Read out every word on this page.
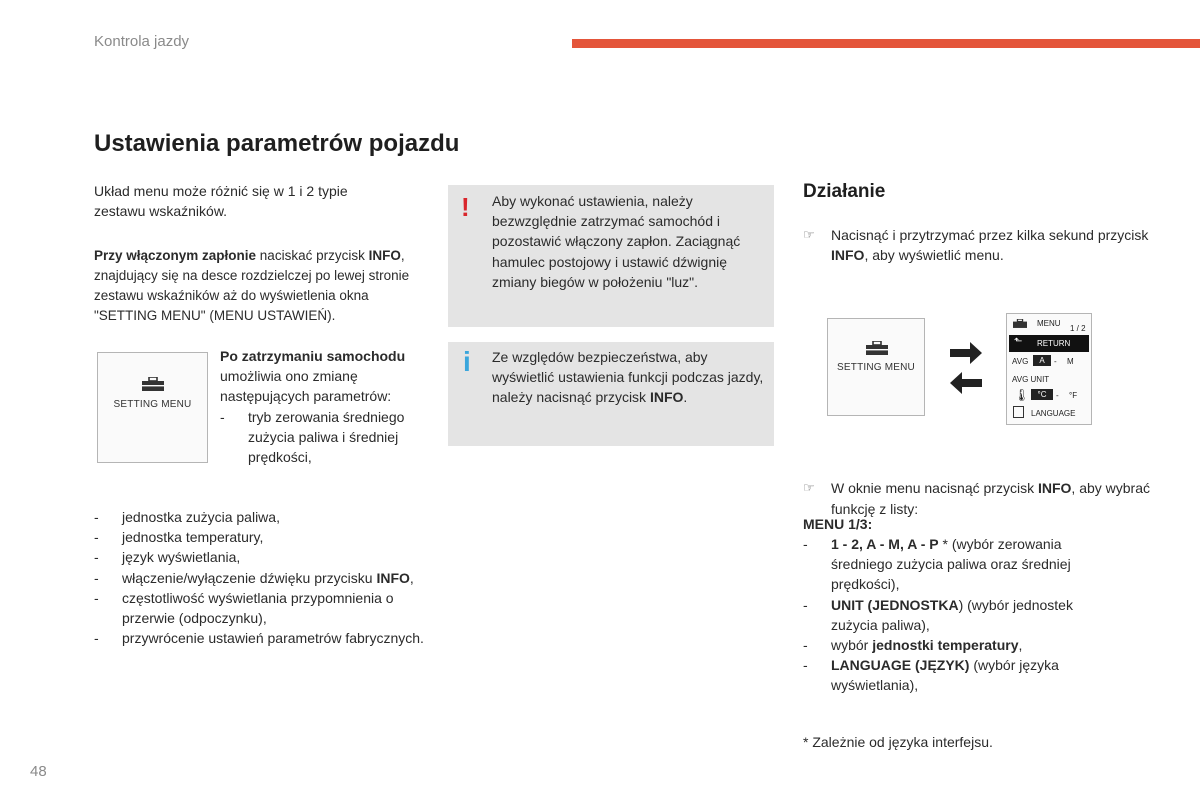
Kontrola jazdy
Ustawienia parametrów pojazdu
Układ menu może różnić się w 1 i 2 typie zestawu wskaźników.
Przy włączonym zapłonie naciskać przycisk INFO, znajdujący się na desce rozdzielczej po lewej stronie zestawu wskaźników aż do wyświetlenia okna "SETTING MENU" (MENU USTAWIEŃ).
SETTING MENU
Po zatrzymaniu samochodu umożliwia ono zmianę następujących parametrów:
- tryb zerowania średniego zużycia paliwa i średniej prędkości,
- jednostka zużycia paliwa,
- jednostka temperatury,
- język wyświetlania,
- włączenie/wyłączenie dźwięku przycisku INFO,
- częstotliwość wyświetlania przypomnienia o przerwie (odpoczynku),
- przywrócenie ustawień parametrów fabrycznych.
! Aby wykonać ustawienia, należy bezwzględnie zatrzymać samochód i pozostawić włączony zapłon. Zaciągnąć hamulec postojowy i ustawić dźwignię zmiany biegów w położeniu "luz".
i Ze względów bezpieczeństwa, aby wyświetlić ustawienia funkcji podczas jazdy, należy nacisnąć przycisk INFO.
Działanie
☞ Nacisnąć i przytrzymać przez kilka sekund przycisk INFO, aby wyświetlić menu.
SETTING MENU
MENU
1 / 2
⬑ RETURN
AVG	A	- M
AVG UNIT
🌡	°C	- °F
LANGUAGE
☞ W oknie menu nacisnąć przycisk INFO, aby wybrać funkcję z listy:
MENU 1/3:
- 1 - 2, A - M, A - P * (wybór zerowania średniego zużycia paliwa oraz średniej prędkości),
- UNIT (JEDNOSTKA) (wybór jednostek zużycia paliwa),
- wybór jednostki temperatury,
- LANGUAGE (JĘZYK) (wybór języka wyświetlania),
* Zależnie od języka interfejsu.
48
